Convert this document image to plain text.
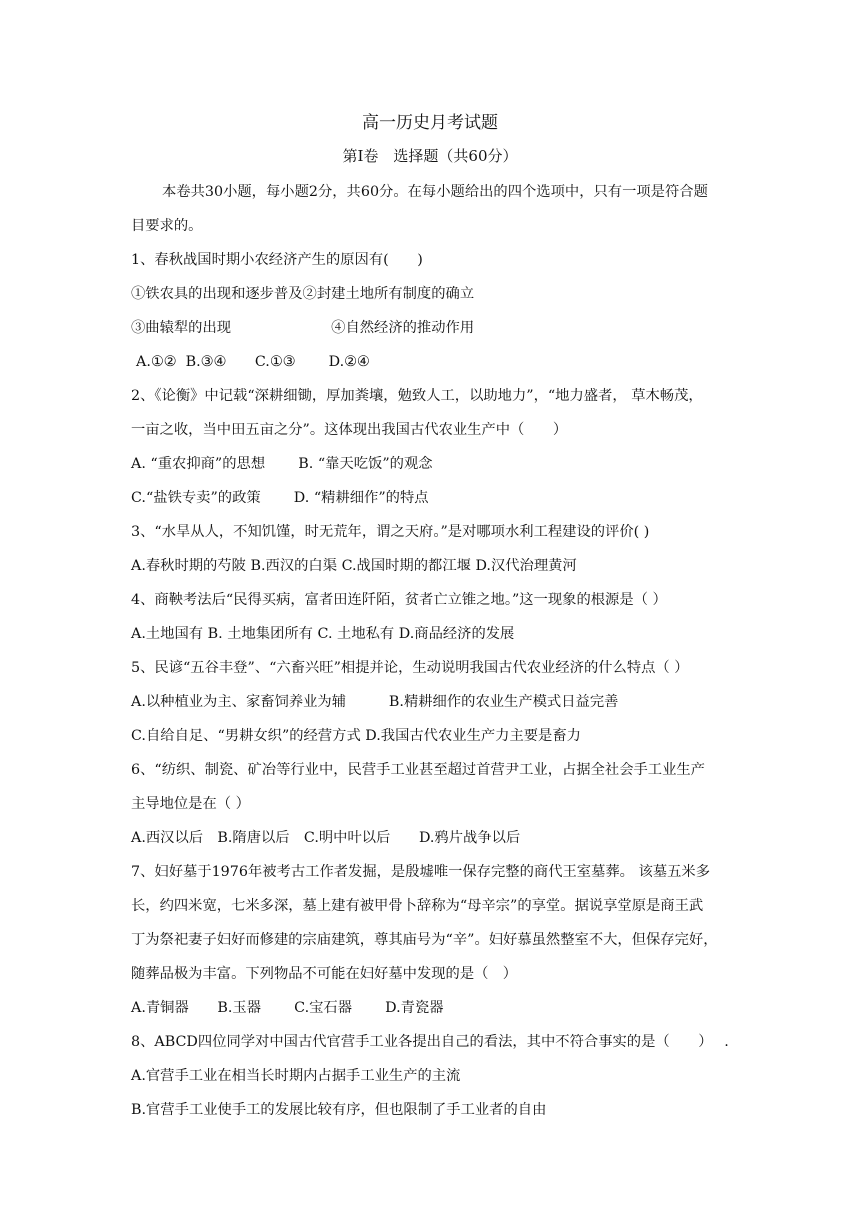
高一历史月考试题
第Ⅰ卷　选择题（共60分）
本卷共30小题，每小题2分，共60分。在每小题给出的四个选项中，只有一项是符合题
目要求的。
1、春秋战国时期小农经济产生的原因有(　　)
①铁农具的出现和逐步普及②封建土地所有制度的确立
③曲辕犁的出现　　　　　　　④自然经济的推动作用
A.①②  B.③④　　C.①③　　 D.②④
2、《论衡》中记载“深耕细锄，厚加粪壤，勉致人工，以助地力”，“地力盛者， 草木畅茂，
一亩之收，当中田五亩之分”。这体现出我国古代农业生产中（　　）
A. “重农抑商”的思想　　 B. “靠天吃饭”的观念
C.“盐铁专卖”的政策　　 D. “精耕细作”的特点
3、“水旱从人，不知饥馑，时无荒年，谓之天府。”是对哪项水利工程建设的评价( )
A.春秋时期的芍陂 B.西汉的白渠 C.战国时期的都江堰 D.汉代治理黄河
4、商鞅考法后“民得买病，富者田连阡陌，贫者亡立锥之地。”这一现象的根源是（ ）
A.土地国有 B. 土地集团所有 C. 土地私有 D.商品经济的发展
5、民谚“五谷丰登”、“六畜兴旺”相提并论，生动说明我国古代农业经济的什么特点（ ）
A.以种植业为主、家畜饲养业为辅　　　B.精耕细作的农业生产模式日益完善
C.自给自足、“男耕女织”的经营方式 D.我国古代农业生产力主要是畜力
6、“纺织、制瓷、矿冶等行业中，民营手工业甚至超过首营尹工业，占据全社会手工业生产
主导地位是在（ ）
A.西汉以后　B.隋唐以后　C.明中叶以后　　D.鸦片战争以后
7、妇好墓于1976年被考古工作者发掘，是殷墟唯一保存完整的商代王室墓葬。 该墓五米多
长，约四米宽，七米多深，墓上建有被甲骨卜辞称为“母辛宗”的享堂。据说享堂原是商王武
丁为祭祀妻子妇好而修建的宗庙建筑，尊其庙号为“辛”。妇好慕虽然整室不大，但保存完好，
随葬品极为丰富。下列物品不可能在妇好墓中发现的是（　）
A.青铜器　　B.玉器　　 C.宝石器　　 D.青瓷器
8、ABCD四位同学对中国古代官营手工业各提出自己的看法，其中不符合事实的是（　　）　 .
A.官营手工业在相当长时期内占据手工业生产的主流
B.官营手工业使手工的发展比较有序，但也限制了手工业者的自由
